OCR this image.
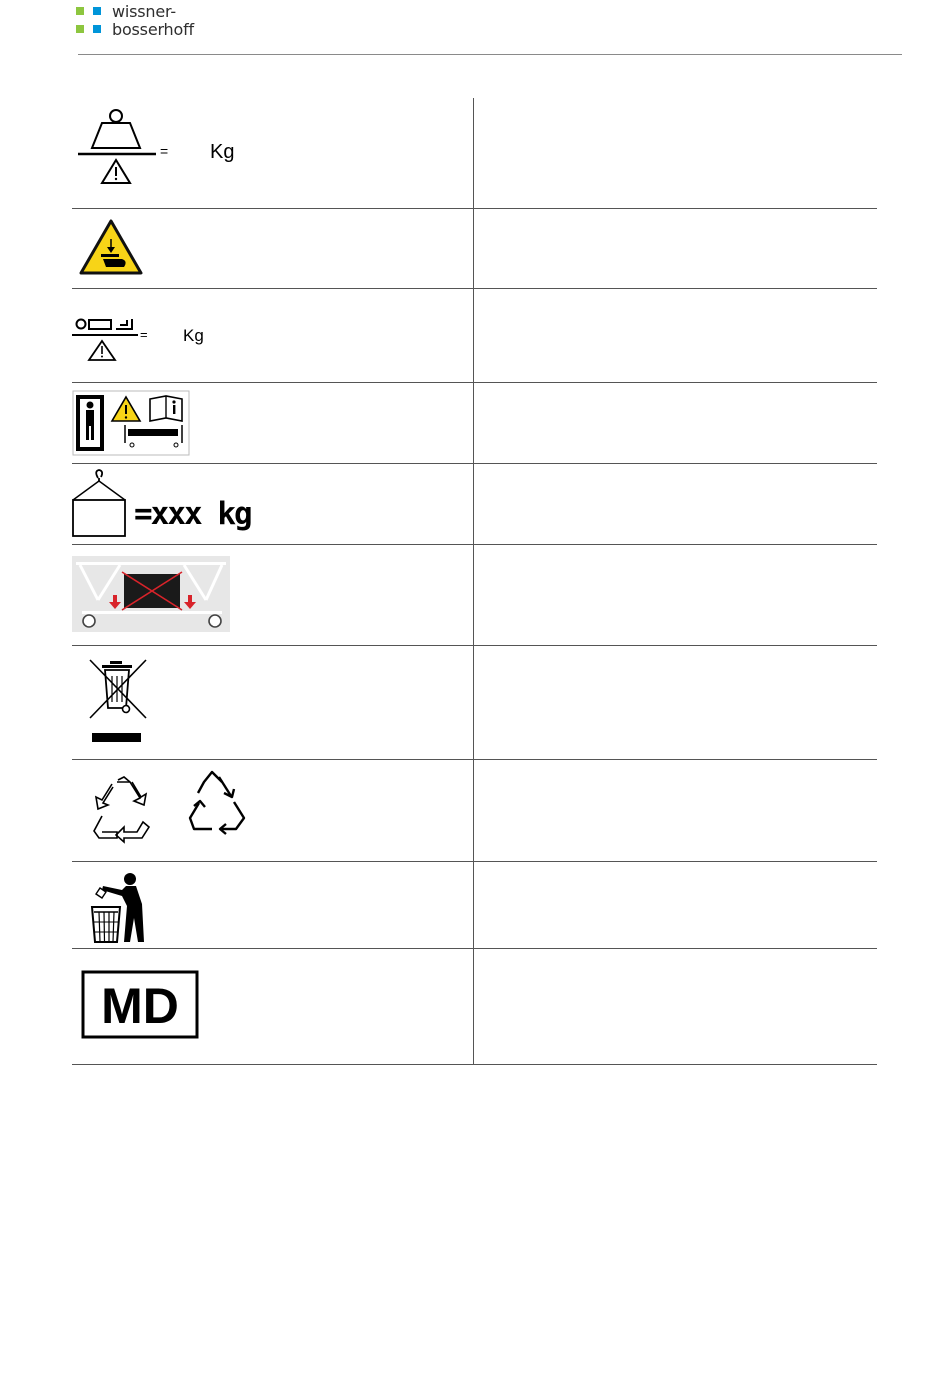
wissner-
bosserhoff
= Kg	

= Kg	

=xxx kg	

MD	
